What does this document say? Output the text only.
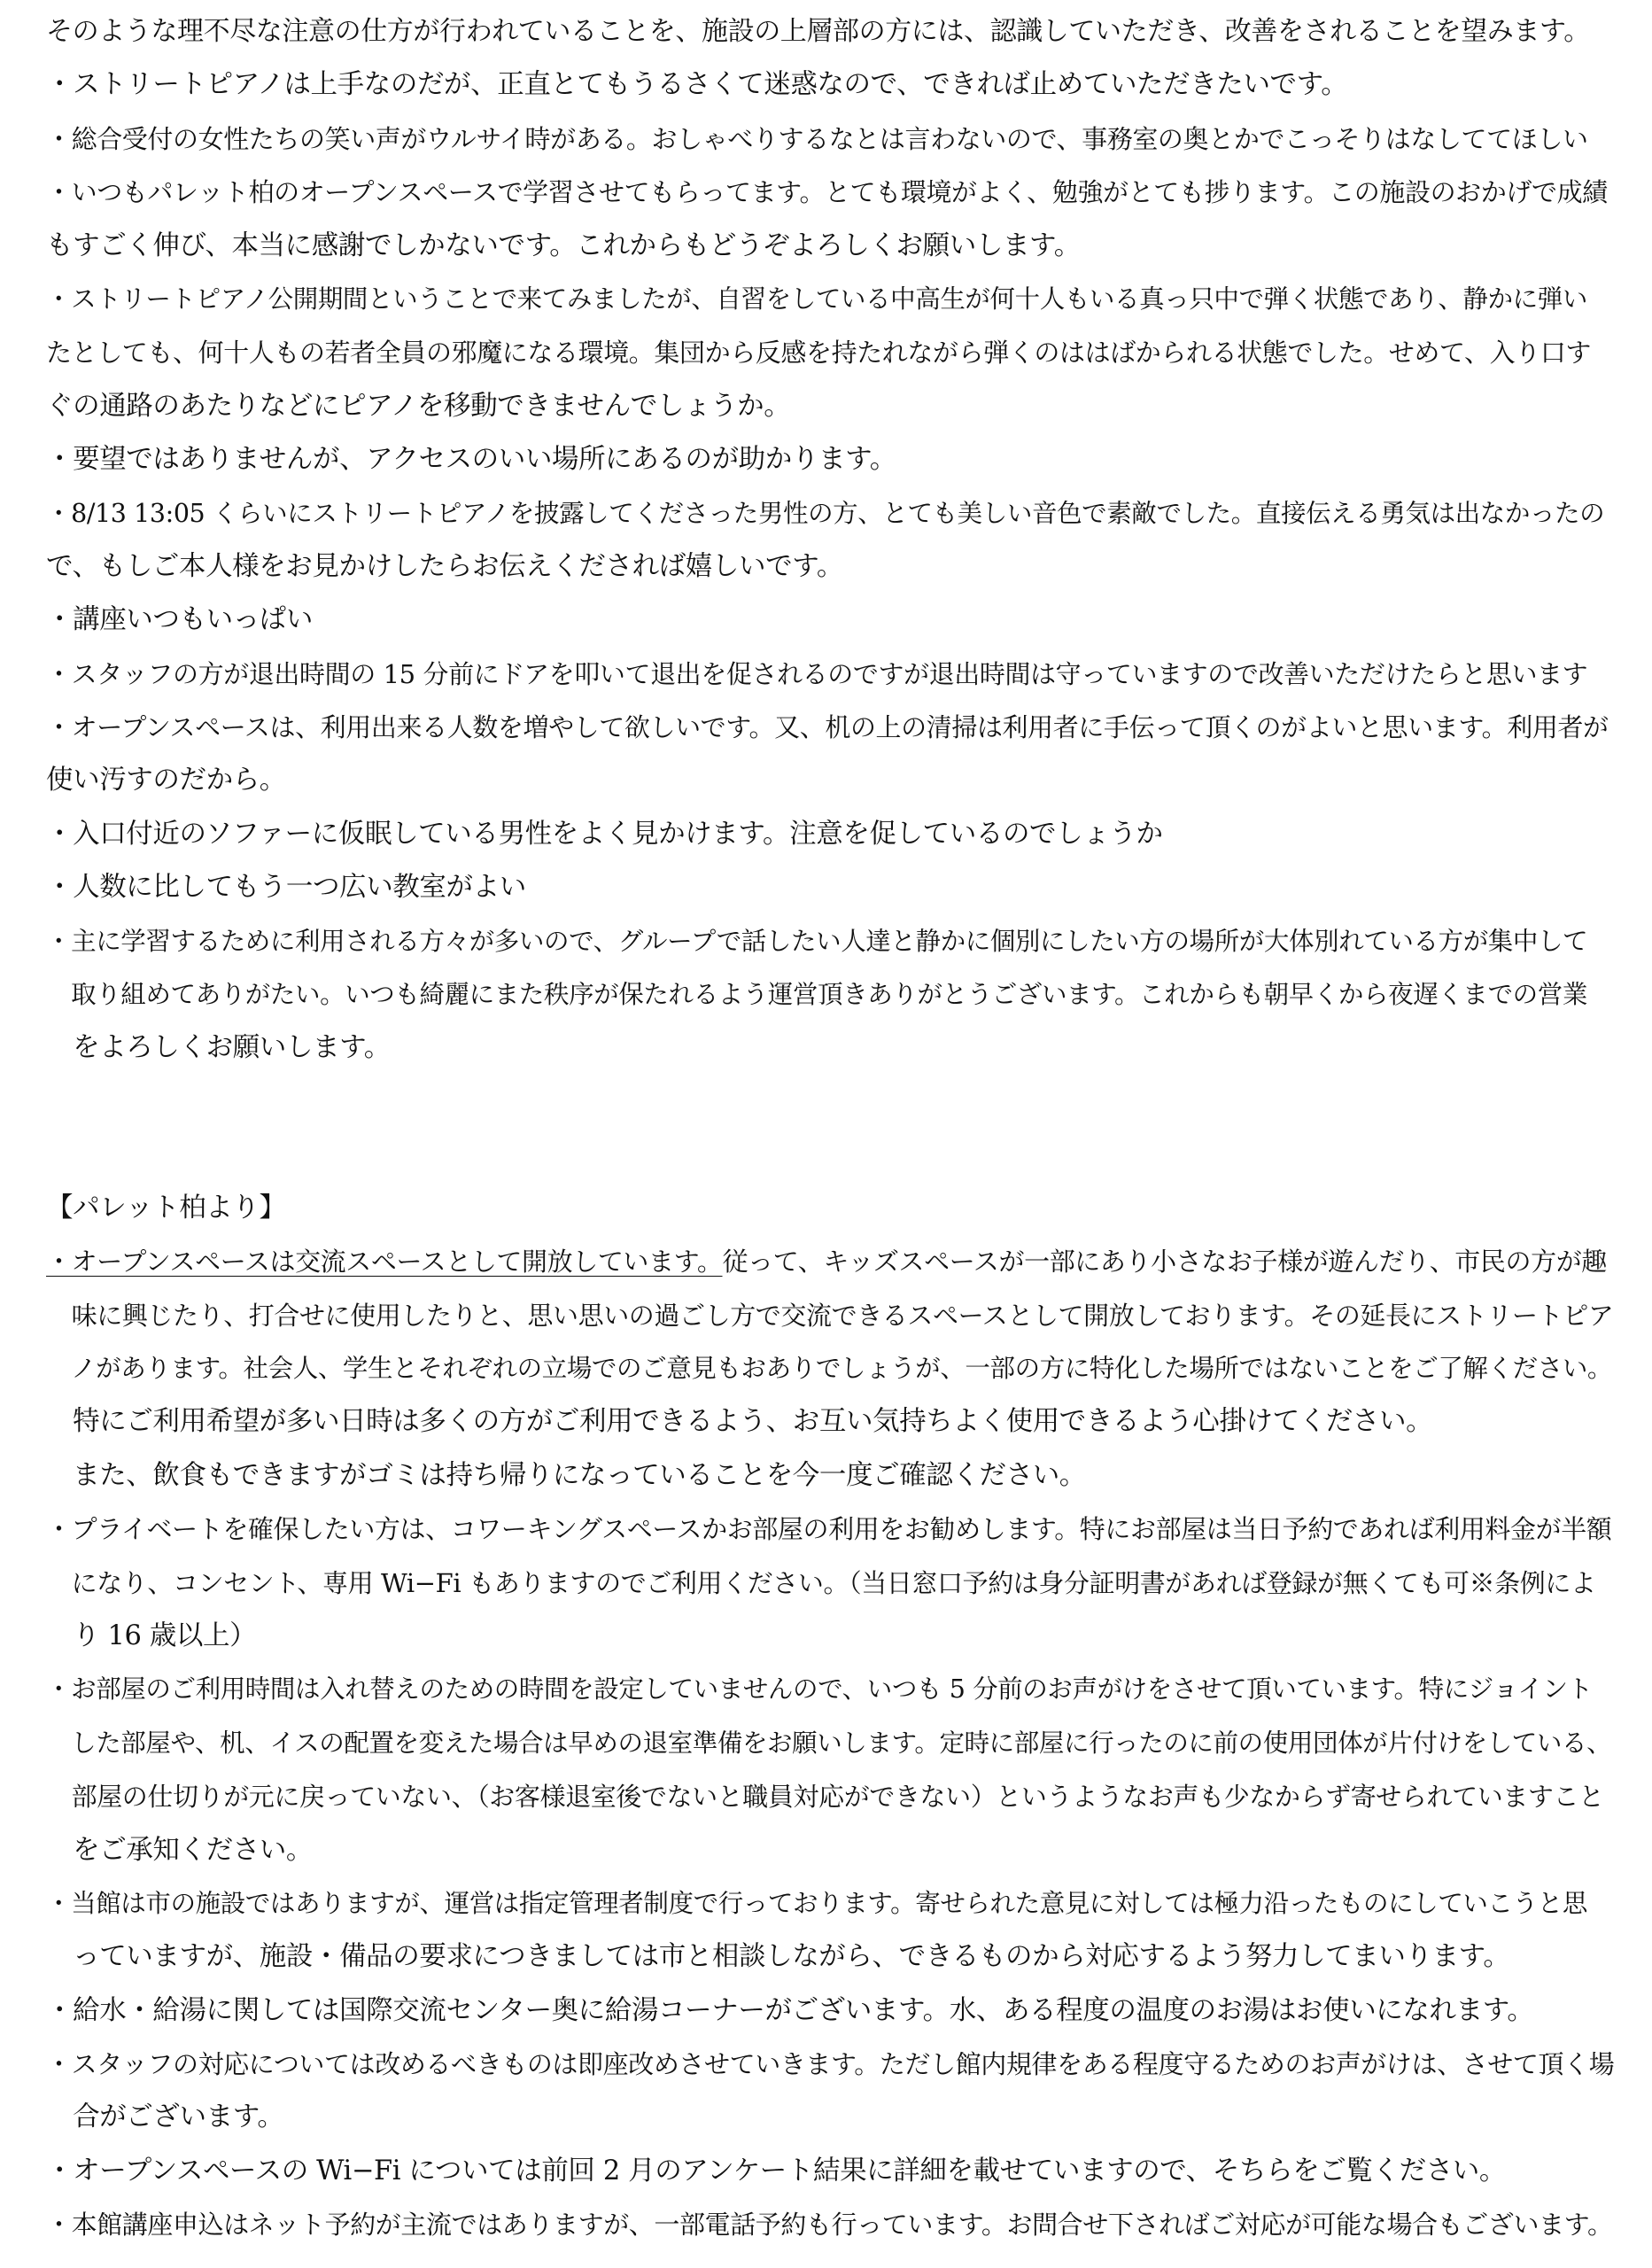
そのような理不尽な注意の仕方が行われていることを、施設の上層部の方には、認識していただき、改善をされることを望みます。
・ストリートピアノは上手なのだが、正直とてもうるさくて迷惑なので、できれば止めていただきたいです。
・総合受付の女性たちの笑い声がウルサイ時がある。おしゃべりするなとは言わないので、事務室の奥とかでこっそりはなしててほしい
・いつもパレット柏のオープンスペースで学習させてもらってます。とても環境がよく、勉強がとても捗ります。この施設のおかげで成績
もすごく伸び、本当に感謝でしかないです。これからもどうぞよろしくお願いします。
・ストリートピアノ公開期間ということで来てみましたが、自習をしている中高生が何十人もいる真っ只中で弾く状態であり、静かに弾い
たとしても、何十人もの若者全員の邪魔になる環境。集団から反感を持たれながら弾くのははばかられる状態でした。せめて、入り口す
ぐの通路のあたりなどにピアノを移動できませんでしょうか。
・要望ではありませんが、アクセスのいい場所にあるのが助かります。
・8/13 13:05 くらいにストリートピアノを披露してくださった男性の方、とても美しい音色で素敵でした。直接伝える勇気は出なかったの
で、もしご本人様をお見かけしたらお伝えくだされば嬉しいです。
・講座いつもいっぱい
・スタッフの方が退出時間の 15 分前にドアを叩いて退出を促されるのですが退出時間は守っていますので改善いただけたらと思います
・オープンスペースは、利用出来る人数を増やして欲しいです。又、机の上の清掃は利用者に手伝って頂くのがよいと思います。利用者が
使い汚すのだから。
・入口付近のソファーに仮眠している男性をよく見かけます。注意を促しているのでしょうか
・人数に比してもう一つ広い教室がよい
・主に学習するために利用される方々が多いので、グループで話したい人達と静かに個別にしたい方の場所が大体別れている方が集中して
　取り組めてありがたい。いつも綺麗にまた秩序が保たれるよう運営頂きありがとうございます。これからも朝早くから夜遅くまでの営業
　をよろしくお願いします。
【パレット柏より】
・オープンスペースは交流スペースとして開放しています。従って、キッズスペースが一部にあり小さなお子様が遊んだり、市民の方が趣
　味に興じたり、打合せに使用したりと、思い思いの過ごし方で交流できるスペースとして開放しております。その延長にストリートピア
　ノがあります。社会人、学生とそれぞれの立場でのご意見もおありでしょうが、一部の方に特化した場所ではないことをご了解ください。
　特にご利用希望が多い日時は多くの方がご利用できるよう、お互い気持ちよく使用できるよう心掛けてください。
　また、飲食もできますがゴミは持ち帰りになっていることを今一度ご確認ください。
・プライベートを確保したい方は、コワーキングスペースかお部屋の利用をお勧めします。特にお部屋は当日予約であれば利用料金が半額
　になり、コンセント、専用 Wi−Fi もありますのでご利用ください。（当日窓口予約は身分証明書があれば登録が無くても可※条例によ
　り 16 歳以上）
・お部屋のご利用時間は入れ替えのための時間を設定していませんので、いつも 5 分前のお声がけをさせて頂いています。特にジョイント
　した部屋や、机、イスの配置を変えた場合は早めの退室準備をお願いします。定時に部屋に行ったのに前の使用団体が片付けをしている、
　部屋の仕切りが元に戻っていない、（お客様退室後でないと職員対応ができない）というようなお声も少なからず寄せられていますこと
　をご承知ください。
・当館は市の施設ではありますが、運営は指定管理者制度で行っております。寄せられた意見に対しては極力沿ったものにしていこうと思
　っていますが、施設・備品の要求につきましては市と相談しながら、できるものから対応するよう努力してまいります。
・給水・給湯に関しては国際交流センター奥に給湯コーナーがございます。水、ある程度の温度のお湯はお使いになれます。
・スタッフの対応については改めるべきものは即座改めさせていきます。ただし館内規律をある程度守るためのお声がけは、させて頂く場
　合がございます。
・オープンスペースの Wi−Fi については前回 2 月のアンケート結果に詳細を載せていますので、そちらをご覧ください。
・本館講座申込はネット予約が主流ではありますが、一部電話予約も行っています。お問合せ下さればご対応が可能な場合もございます。
